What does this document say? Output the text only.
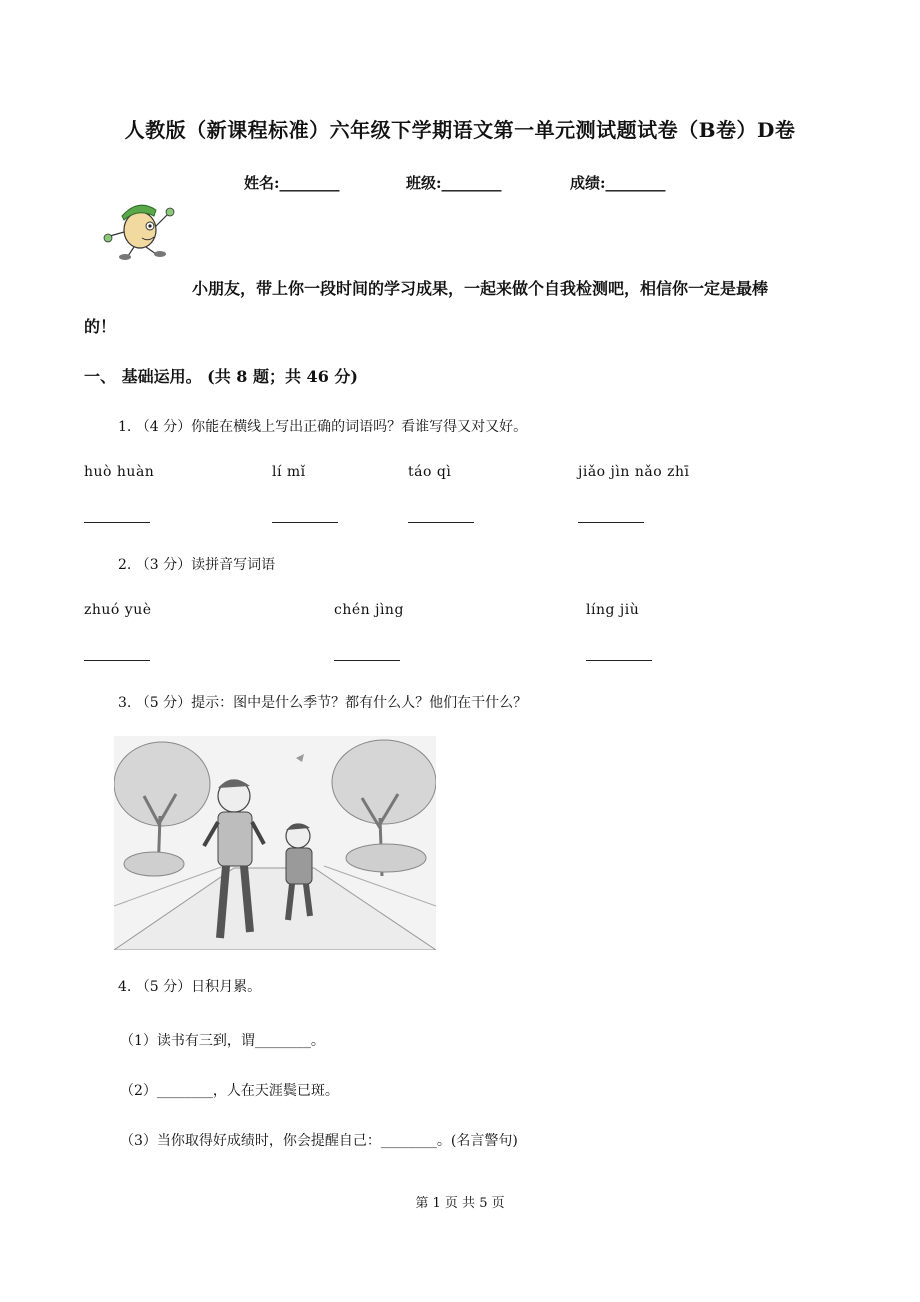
人教版（新课程标准）六年级下学期语文第一单元测试题试卷（B卷）D卷
姓名:________	班级:________	成绩:________
小朋友，带上你一段时间的学习成果，一起来做个自我检测吧，相信你一定是最棒
的！
一、 基础运用。 (共 8 题；共 46 分)
1. （4 分）你能在横线上写出正确的词语吗？看谁写得又对又好。
huò huàn	lí mǐ	táo qì	jiǎo jìn nǎo zhī
2. （3 分）读拼音写词语
zhuó yuè	chén jìng	líng jiù
3. （5 分）提示：图中是什么季节？都有什么人？他们在干什么？
4. （5 分）日积月累。
（1）读书有三到，谓________。
（2）________，人在天涯鬓已斑。
（3）当你取得好成绩时，你会提醒自己：________。(名言警句)
第 1 页 共 5 页
